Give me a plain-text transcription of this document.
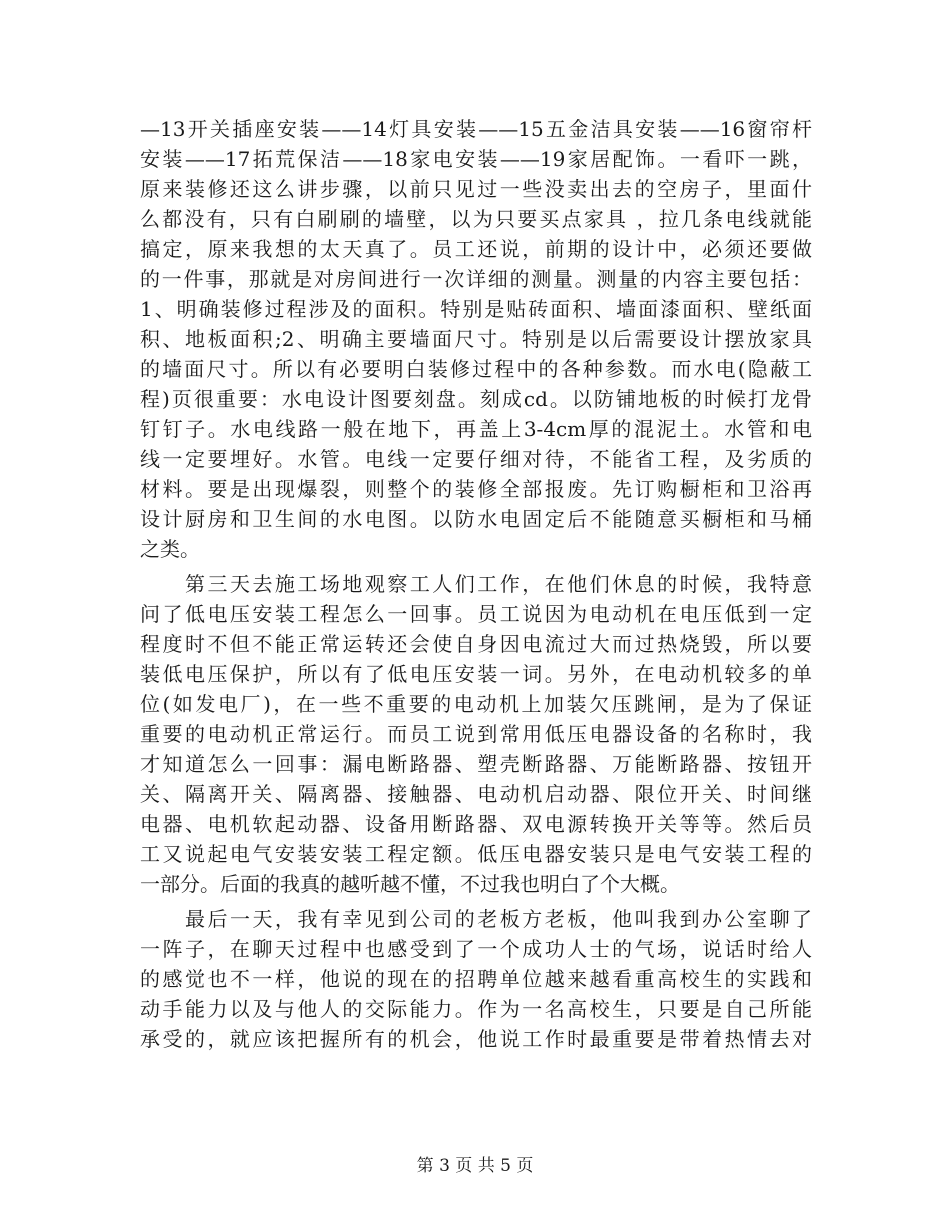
—13开关插座安装——14灯具安装——15五金洁具安装——16窗帘杆
安装——17拓荒保洁——18家电安装——19家居配饰。一看吓一跳，
原来装修还这么讲步骤，以前只见过一些没卖出去的空房子，里面什
么都没有，只有白刷刷的墙壁，以为只要买点家具 ，拉几条电线就能
搞定，原来我想的太天真了。员工还说，前期的设计中，必须还要做
的一件事，那就是对房间进行一次详细的测量。测量的内容主要包括：
1、明确装修过程涉及的面积。特别是贴砖面积、墙面漆面积、壁纸面
积、地板面积;2、明确主要墙面尺寸。特别是以后需要设计摆放家具
的墙面尺寸。所以有必要明白装修过程中的各种参数。而水电(隐蔽工
程)页很重要：水电设计图要刻盘。刻成cd。以防铺地板的时候打龙骨
钉钉子。水电线路一般在地下，再盖上3-4cm厚的混泥土。水管和电
线一定要埋好。水管。电线一定要仔细对待，不能省工程，及劣质的
材料。要是出现爆裂，则整个的装修全部报废。先订购橱柜和卫浴再
设计厨房和卫生间的水电图。以防水电固定后不能随意买橱柜和马桶
之类。
第三天去施工场地观察工人们工作，在他们休息的时候，我特意
问了低电压安装工程怎么一回事。员工说因为电动机在电压低到一定
程度时不但不能正常运转还会使自身因电流过大而过热烧毁，所以要
装低电压保护，所以有了低电压安装一词。另外，在电动机较多的单
位(如发电厂)，在一些不重要的电动机上加装欠压跳闸，是为了保证
重要的电动机正常运行。而员工说到常用低压电器设备的名称时，我
才知道怎么一回事：漏电断路器、塑壳断路器、万能断路器、按钮开
关、隔离开关、隔离器、接触器、电动机启动器、限位开关、时间继
电器、电机软起动器、设备用断路器、双电源转换开关等等。然后员
工又说起电气安装安装工程定额。低压电器安装只是电气安装工程的
一部分。后面的我真的越听越不懂，不过我也明白了个大概。
最后一天，我有幸见到公司的老板方老板，他叫我到办公室聊了
一阵子，在聊天过程中也感受到了一个成功人士的气场，说话时给人
的感觉也不一样，他说的现在的招聘单位越来越看重高校生的实践和
动手能力以及与他人的交际能力。作为一名高校生，只要是自己所能
承受的，就应该把握所有的机会，他说工作时最重要是带着热情去对
第 3 页 共 5 页
